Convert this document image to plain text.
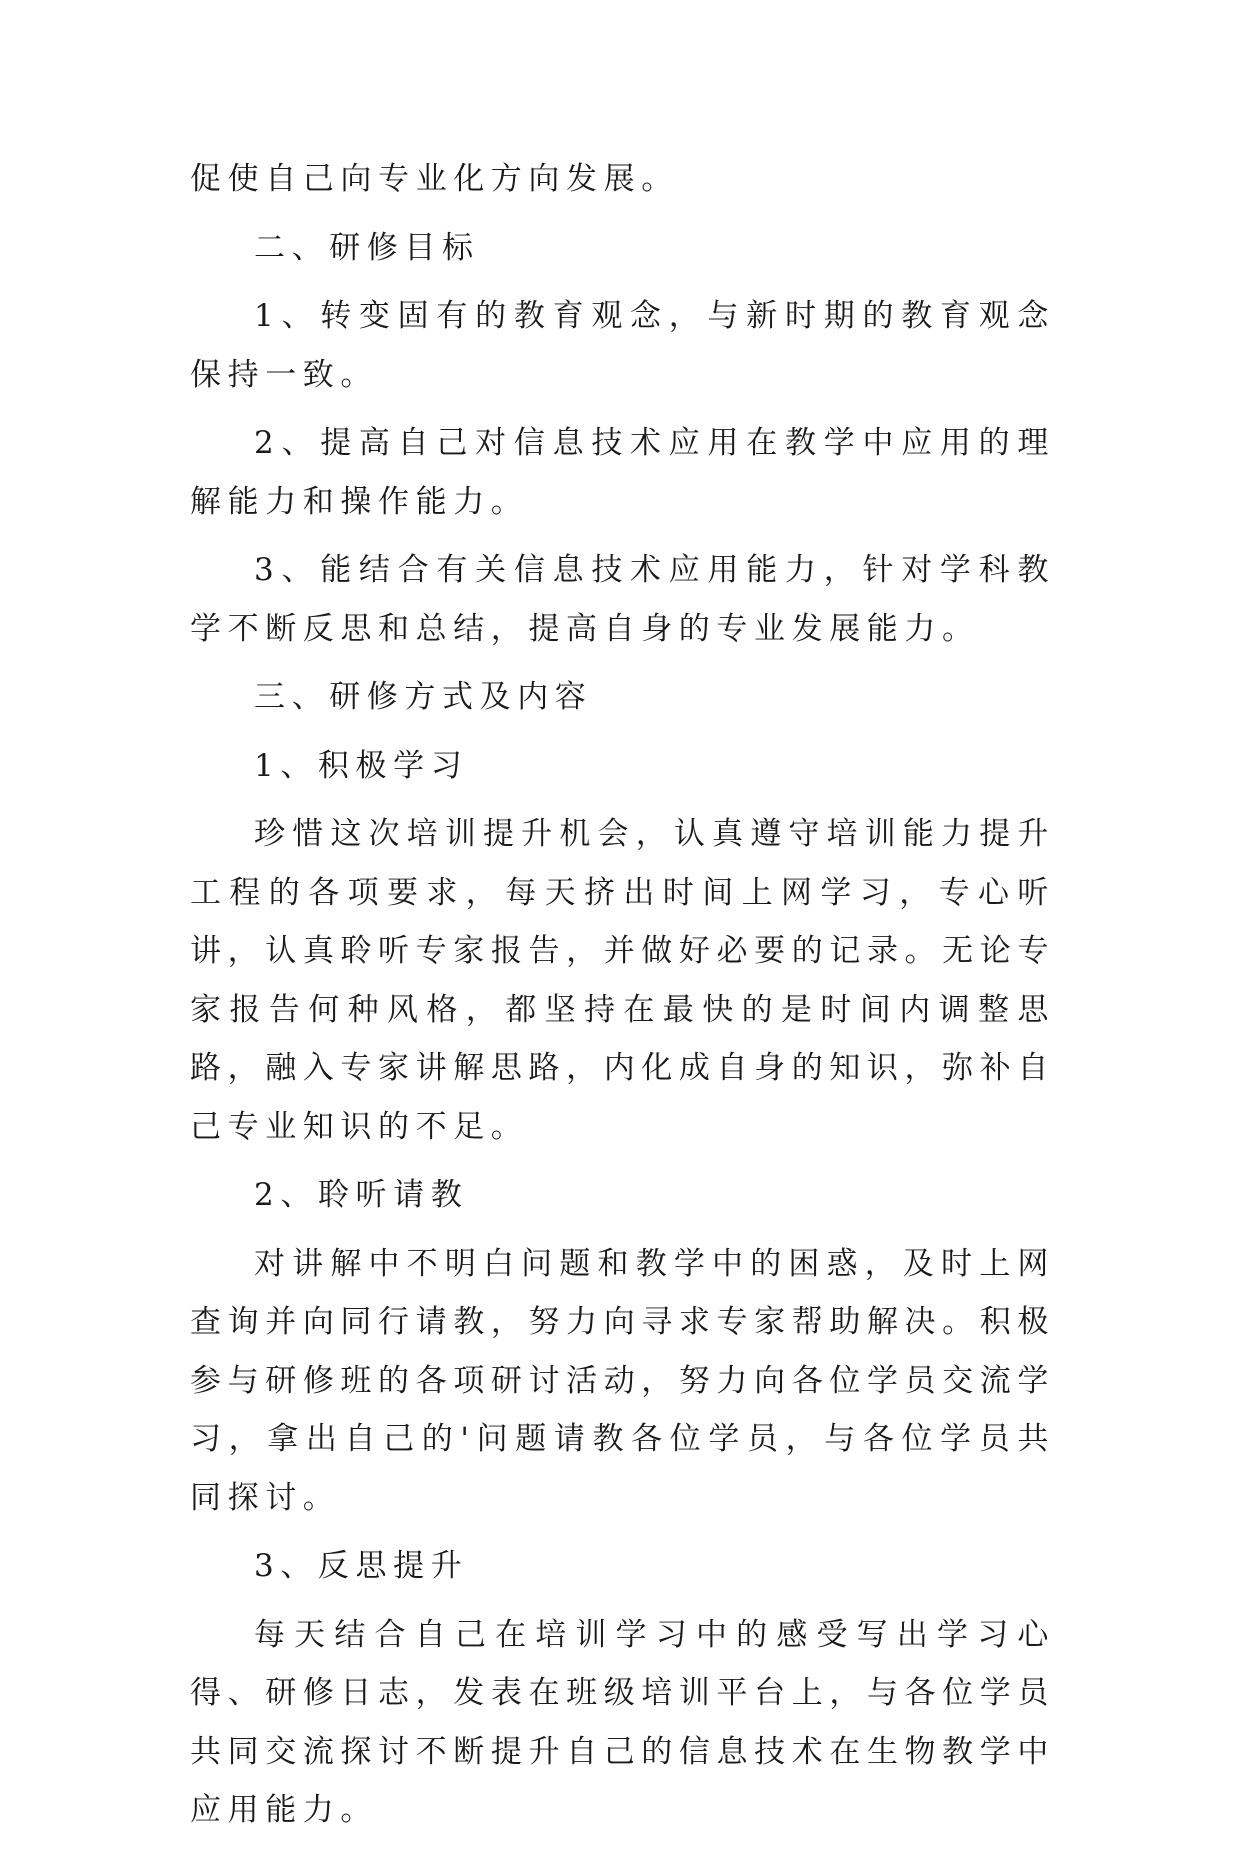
促使自己向专业化方向发展。

二、研修目标

1、转变固有的教育观念，与新时期的教育观念保持一致。

2、提高自己对信息技术应用在教学中应用的理解能力和操作能力。

3、能结合有关信息技术应用能力，针对学科教学不断反思和总结，提高自身的专业发展能力。

三、研修方式及内容

1、积极学习

珍惜这次培训提升机会，认真遵守培训能力提升工程的各项要求，每天挤出时间上网学习，专心听讲，认真聆听专家报告，并做好必要的记录。无论专家报告何种风格，都坚持在最快的是时间内调整思路，融入专家讲解思路，内化成自身的知识，弥补自己专业知识的不足。

2、聆听请教

对讲解中不明白问题和教学中的困惑，及时上网查询并向同行请教，努力向寻求专家帮助解决。积极参与研修班的各项研讨活动，努力向各位学员交流学习，拿出自己的'问题请教各位学员，与各位学员共同探讨。

3、反思提升

每天结合自己在培训学习中的感受写出学习心得、研修日志，发表在班级培训平台上，与各位学员共同交流探讨不断提升自己的信息技术在生物教学中应用能力。
